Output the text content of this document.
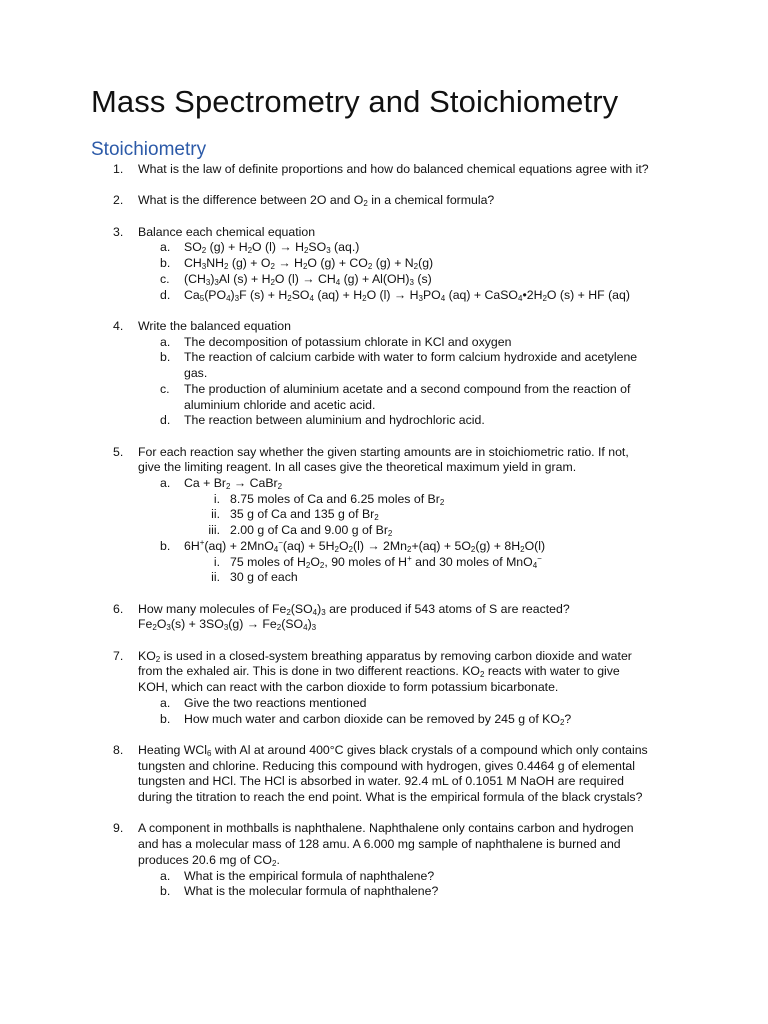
Mass Spectrometry and Stoichiometry
Stoichiometry
1. What is the law of definite proportions and how do balanced chemical equations agree with it?
2. What is the difference between 2O and $O_2$ in a chemical formula?
3. Balance each chemical equation
a. $SO_2$ $(g) + H_2O$ $(l) \to H_2SO_3$ (aq.)
b. $CH_3NH_2$ $(g) + O_2 \to H_2O$ $(g) + CO_2$ $(g) + N_2(g)$
c. $(CH_3)_3Al$ $(s) + H_2O$ $(l) \to CH_4$ $(g) + Al(OH)_3$ (s)
d. $Ca_5(PO_4)_3F$ $(s) + H_2SO_4$ $(aq) + H_2O$ $(l) \to H_3PO_4$ $(aq) + CaSO_4•2H_2O$ (s) + HF (aq)
4. Write the balanced equation
a. The decomposition of potassium chlorate in KCl and oxygen
b. The reaction of calcium carbide with water to form calcium hydroxide and acetylene
gas.
c. The production of aluminium acetate and a second compound from the reaction of
aluminium chloride and acetic acid.
d. The reaction between aluminium and hydrochloric acid.
5. For each reaction say whether the given starting amounts are in stoichiometric ratio. If not,
give the limiting reagent. In all cases give the theoretical maximum yield in gram.
a. $Ca + Br_2$ → CaBr$_2$
i. 8.75 moles of Ca and 6.25 moles of $Br_2$
ii. 35 g of Ca and 135 g of $Br_2$
iii. 2.00 g of Ca and 9.00 g of $Br_2$
b. $6H^+(aq) + 2MnO_4^-(aq) + 5H_2O_2(l) \to 2Mn_2+(aq) + 5O_2(g) + 8H_2O(l)$
i. 75 moles of $H_2O_2$, 90 moles of H+ and 30 moles of MnO$_4$−
ii. 30 g of each
6. How many molecules of $Fe_2(SO_4)_3$ are produced if 543 atoms of S are reacted?
$Fe_2O_3(s) + 3SO_3(g) \to Fe_2(SO_4)_3$
7. $KO_2$ is used in a closed-system breathing apparatus by removing carbon dioxide and water
from the exhaled air. This is done in two different reactions. $KO_2$ reacts with water to give
KOH, which can react with the carbon dioxide to form potassium bicarbonate.
a. Give the two reactions mentioned
b. How much water and carbon dioxide can be removed by 245 g of $KO_2$?
8. Heating WCl$_6$ with Al at around 400°C gives black crystals of a compound which only contains
tungsten and chlorine. Reducing this compound with hydrogen, gives 0.4464 g of elemental
tungsten and HCl. The HCl is absorbed in water. 92.4 mL of 0.1051 M NaOH are required
during the titration to reach the end point. What is the empirical formula of the black crystals?
9. A component in mothballs is naphthalene. Naphthalene only contains carbon and hydrogen
and has a molecular mass of 128 amu. A 6.000 mg sample of naphthalene is burned and
produces 20.6 mg of $CO_2$.
a. What is the empirical formula of naphthalene?
b. What is the molecular formula of naphthalene?
